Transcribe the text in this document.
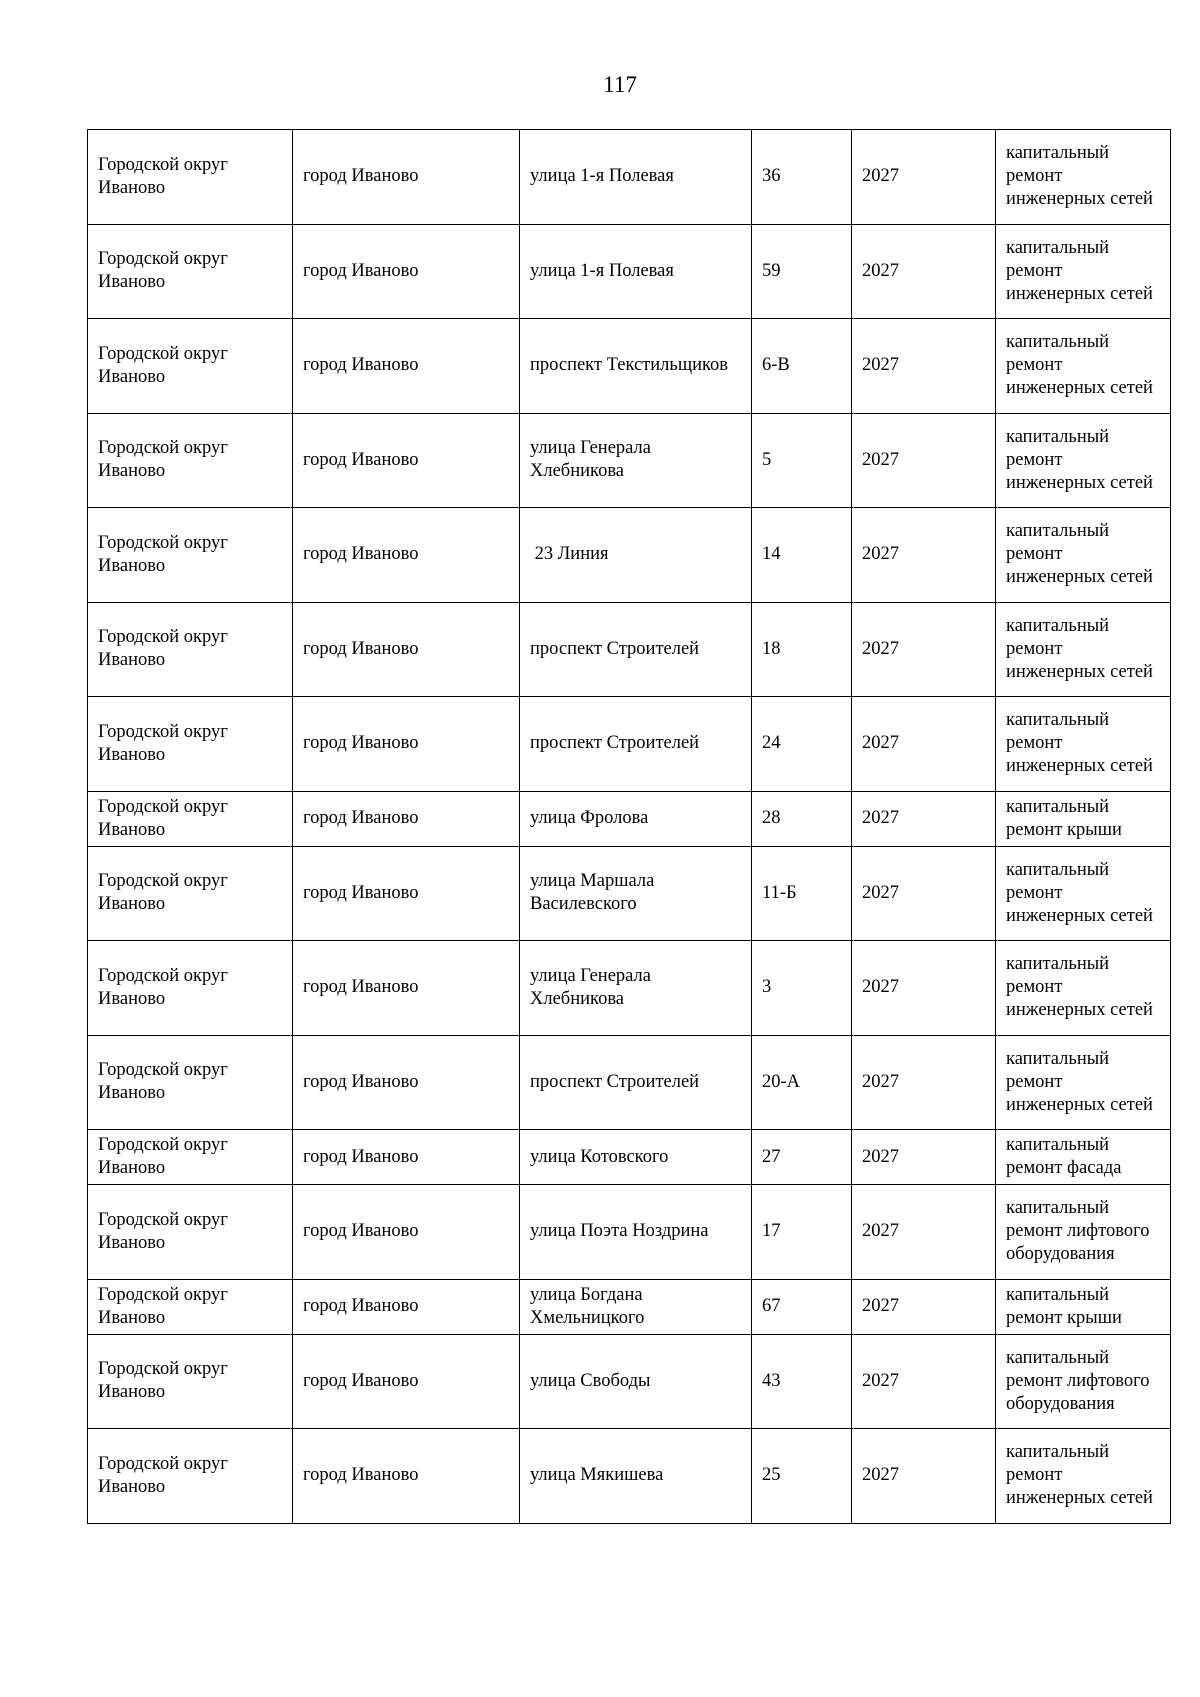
117
Городской округ Иваново	город Иваново	улица 1-я Полевая	36	2027	капитальный ремонт инженерных сетей
Городской округ Иваново	город Иваново	улица 1-я Полевая	59	2027	капитальный ремонт инженерных сетей
Городской округ Иваново	город Иваново	проспект Текстильщиков	6-В	2027	капитальный ремонт инженерных сетей
Городской округ Иваново	город Иваново	улица Генерала Хлебникова	5	2027	капитальный ремонт инженерных сетей
Городской округ Иваново	город Иваново	23 Линия	14	2027	капитальный ремонт инженерных сетей
Городской округ Иваново	город Иваново	проспект Строителей	18	2027	капитальный ремонт инженерных сетей
Городской округ Иваново	город Иваново	проспект Строителей	24	2027	капитальный ремонт инженерных сетей
Городской округ Иваново	город Иваново	улица Фролова	28	2027	капитальный ремонт крыши
Городской округ Иваново	город Иваново	улица Маршала Василевского	11-Б	2027	капитальный ремонт инженерных сетей
Городской округ Иваново	город Иваново	улица Генерала Хлебникова	3	2027	капитальный ремонт инженерных сетей
Городской округ Иваново	город Иваново	проспект Строителей	20-А	2027	капитальный ремонт инженерных сетей
Городской округ Иваново	город Иваново	улица Котовского	27	2027	капитальный ремонт фасада
Городской округ Иваново	город Иваново	улица Поэта Ноздрина	17	2027	капитальный ремонт лифтового оборудования
Городской округ Иваново	город Иваново	улица Богдана Хмельницкого	67	2027	капитальный ремонт крыши
Городской округ Иваново	город Иваново	улица Свободы	43	2027	капитальный ремонт лифтового оборудования
Городской округ Иваново	город Иваново	улица Мякишева	25	2027	капитальный ремонт инженерных сетей
